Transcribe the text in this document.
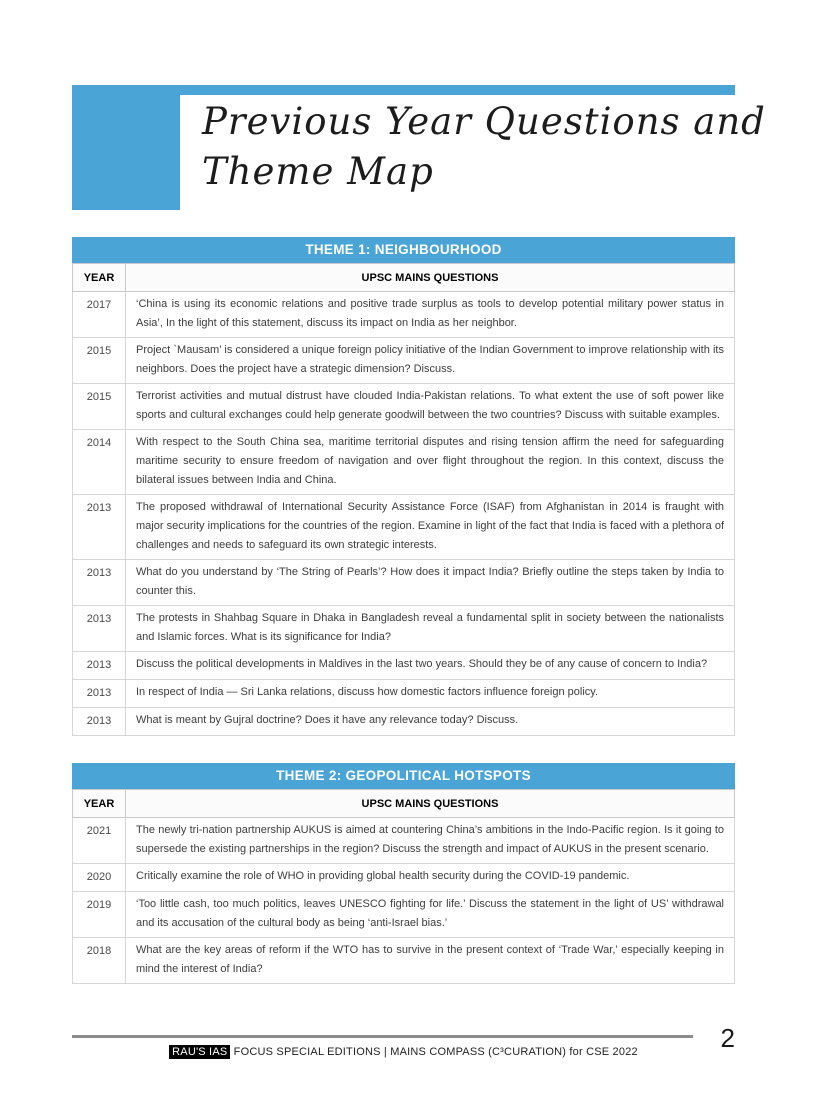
Previous Year Questions and
Theme Map
THEME 1: NEIGHBOURHOOD
YEAR	UPSC MAINS QUESTIONS
2017	‘China is using its economic relations and positive trade surplus as tools to develop potential military power status in Asia’, In the light of this statement, discuss its impact on India as her neighbor.
2015	Project `Mausam’ is considered a unique foreign policy initiative of the Indian Government to improve relationship with its neighbors. Does the project have a strategic dimension? Discuss.
2015	Terrorist activities and mutual distrust have clouded India-Pakistan relations. To what extent the use of soft power like sports and cultural exchanges could help generate goodwill between the two countries? Discuss with suitable examples.
2014	With respect to the South China sea, maritime territorial disputes and rising tension affirm the need for safeguarding maritime security to ensure freedom of navigation and over flight throughout the region. In this context, discuss the bilateral issues between India and China.
2013	The proposed withdrawal of International Security Assistance Force (ISAF) from Afghanistan in 2014 is fraught with major security implications for the countries of the region. Examine in light of the fact that India is faced with a plethora of challenges and needs to safeguard its own strategic interests.
2013	What do you understand by ‘The String of Pearls’? How does it impact India? Briefly outline the steps taken by India to counter this.
2013	The protests in Shahbag Square in Dhaka in Bangladesh reveal a fundamental split in society between the nationalists and Islamic forces. What is its significance for India?
2013	Discuss the political developments in Maldives in the last two years. Should they be of any cause of concern to India?
2013	In respect of India — Sri Lanka relations, discuss how domestic factors influence foreign policy.
2013	What is meant by Gujral doctrine? Does it have any relevance today? Discuss.
THEME 2: GEOPOLITICAL HOTSPOTS
YEAR	UPSC MAINS QUESTIONS
2021	The newly tri-nation partnership AUKUS is aimed at countering China’s ambitions in the Indo-Pacific region. Is it going to supersede the existing partnerships in the region? Discuss the strength and impact of AUKUS in the present scenario.
2020	Critically examine the role of WHO in providing global health security during the COVID-19 pandemic.
2019	‘Too little cash, too much politics, leaves UNESCO fighting for life.’ Discuss the statement in the light of US’ withdrawal and its accusation of the cultural body as being ‘anti-Israel bias.’
2018	What are the key areas of reform if the WTO has to survive in the present context of ‘Trade War,’ especially keeping in mind the interest of India?
2
RAU'S IAS FOCUS SPECIAL EDITIONS | MAINS COMPASS (C³CURATION) for CSE 2022
